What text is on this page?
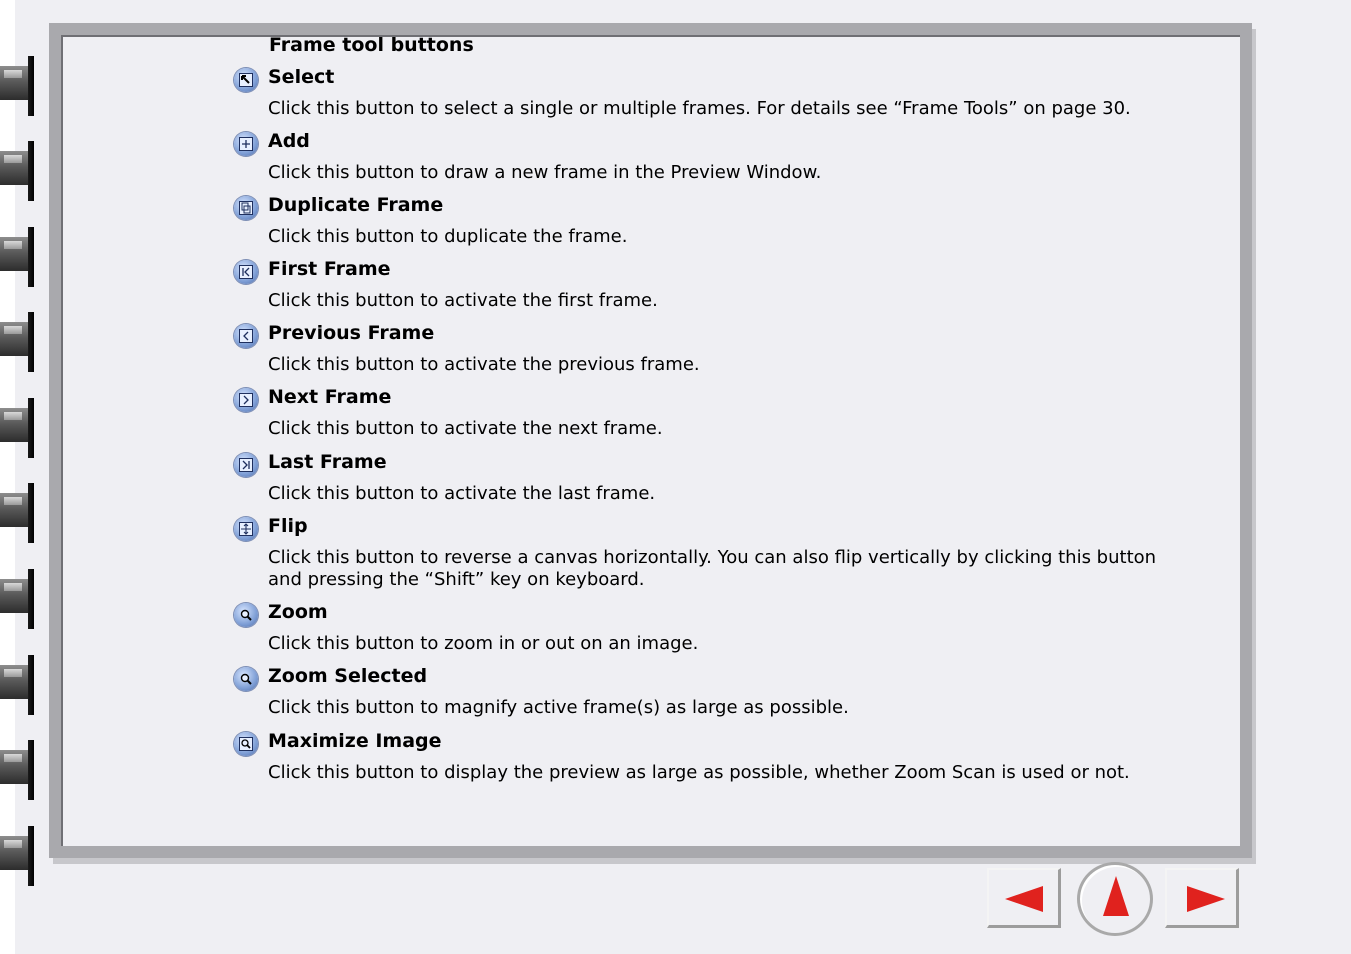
Frame tool buttons
Select
Click this button to select a single or multiple frames. For details see “Frame Tools” on page 30.
Add
Click this button to draw a new frame in the Preview Window.
Duplicate Frame
Click this button to duplicate the frame.
First Frame
Click this button to activate the first frame.
Previous Frame
Click this button to activate the previous frame.
Next Frame
Click this button to activate the next frame.
Last Frame
Click this button to activate the last frame.
Flip
Click this button to reverse a canvas horizontally. You can also flip vertically by clicking this button and pressing the “Shift” key on keyboard.
Zoom
Click this button to zoom in or out on an image.
Zoom Selected
Click this button to magnify active frame(s) as large as possible.
Maximize Image
Click this button to display the preview as large as possible, whether Zoom Scan is used or not.
